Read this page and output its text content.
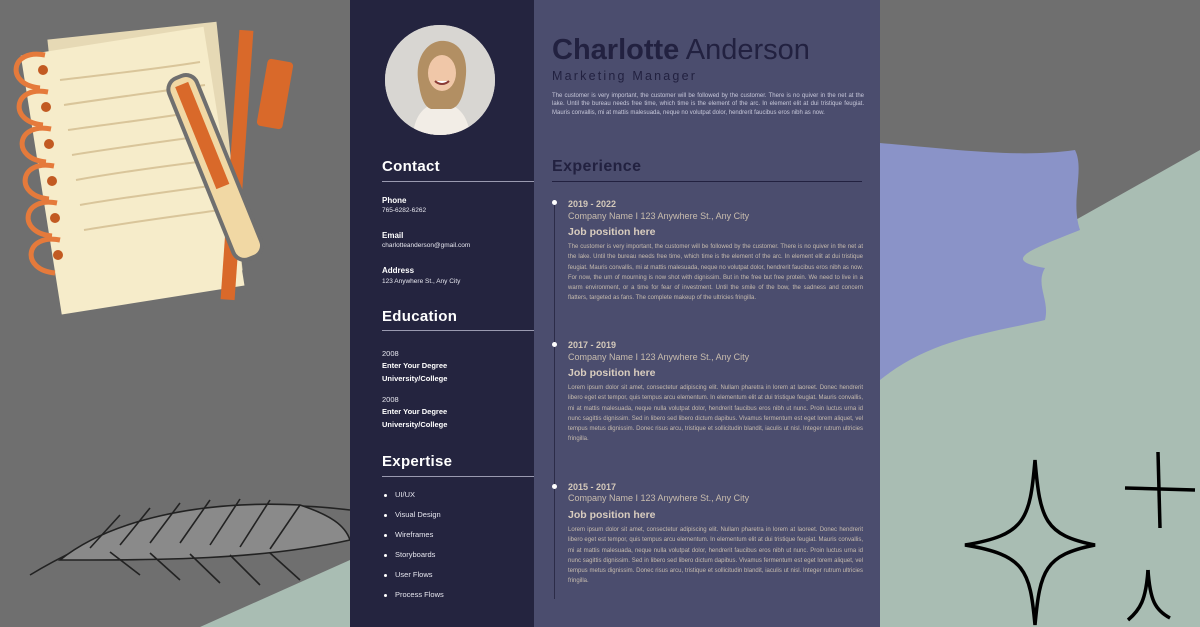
Contact
Phone
765-6282-6262
Email
charlotteanderson@gmail.com
Address
123 Anywhere St., Any City
Education
2008
Enter Your Degree
University/College
2008
Enter Your Degree
University/College
Expertise
UI/UX
Visual Design
Wireframes
Storyboards
User Flows
Process Flows
Charlotte Anderson
Marketing Manager
The customer is very important, the customer will be followed by the customer. There is no quiver in the net at the lake. Until the bureau needs free time, which time is the element of the arc. In element elit at dui tristique feugiat. Mauris convallis, mi at mattis malesuada, neque no volutpat dolor, hendrerit faucibus eros nibh as now.
Experience
2019 - 2022
Company Name I 123 Anywhere St., Any City
Job position here
The customer is very important, the customer will be followed by the customer. There is no quiver in the net at the lake. Until the bureau needs free time, which time is the element of the arc. In element elit at dui tristique feugiat. Mauris convallis, mi at mattis malesuada, neque no volutpat dolor, hendrerit faucibus eros nibh as now. For now, the urn of mourning is now shot with dignissim. But in the free but free protein. We need to live in a warm environment, or a time for fear of investment. Until the smile of the bow, the sadness and concern flatters, targeted as fans. The complete makeup of the ultricies fringilla.
2017 - 2019
Company Name I 123 Anywhere St., Any City
Job position here
Lorem ipsum dolor sit amet, consectetur adipiscing elit. Nullam pharetra in lorem at laoreet. Donec hendrerit libero eget est tempor, quis tempus arcu elementum. In elementum elit at dui tristique feugiat. Mauris convallis, mi at mattis malesuada, neque nulla volutpat dolor, hendrerit faucibus eros nibh ut nunc. Proin luctus urna id nunc sagittis dignissim. Sed in libero sed libero dictum dapibus. Vivamus fermentum est eget lorem aliquet, vel tempus metus dignissim. Donec risus arcu, tristique et sollicitudin blandit, iaculis ut nisl. Integer rutrum ultricies fringilla.
2015 - 2017
Company Name I 123 Anywhere St., Any City
Job position here
Lorem ipsum dolor sit amet, consectetur adipiscing elit. Nullam pharetra in lorem at laoreet. Donec hendrerit libero eget est tempor, quis tempus arcu elementum. In elementum elit at dui tristique feugiat. Mauris convallis, mi at mattis malesuada, neque nulla volutpat dolor, hendrerit faucibus eros nibh ut nunc. Proin luctus urna id nunc sagittis dignissim. Sed in libero sed libero dictum dapibus. Vivamus fermentum est eget lorem aliquet, vel tempus metus dignissim. Donec risus arcu, tristique et sollicitudin blandit, iaculis ut nisl. Integer rutrum ultricies fringilla.
